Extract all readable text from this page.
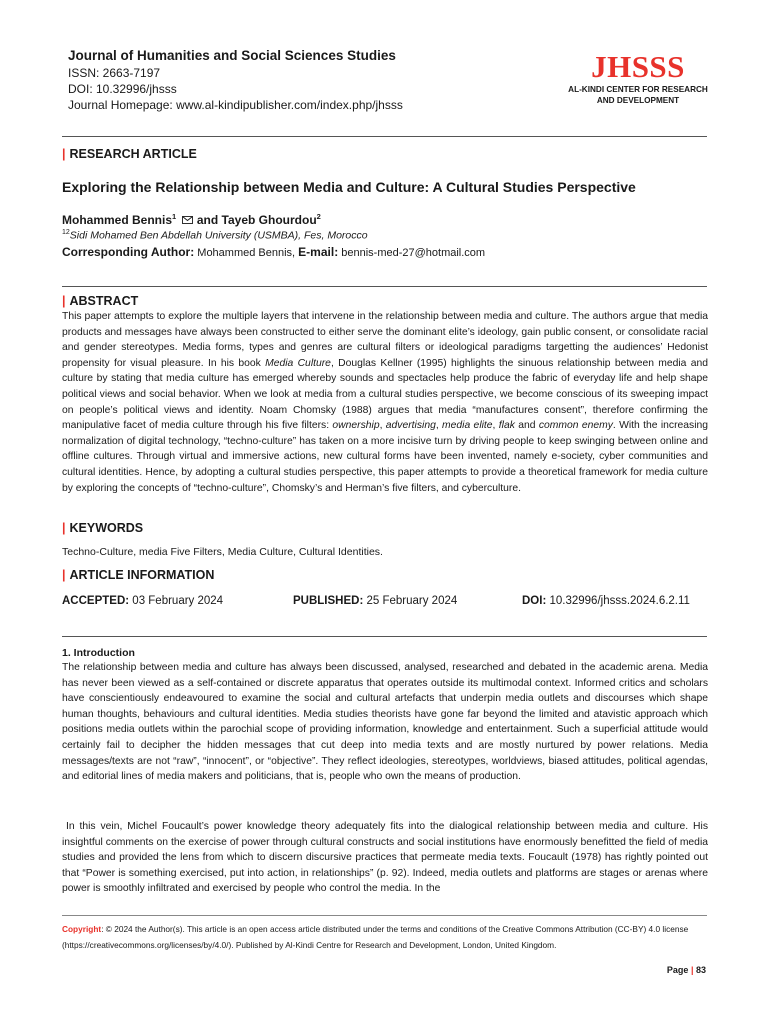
Journal of Humanities and Social Sciences Studies
ISSN: 2663-7197
DOI: 10.32996/jhsss
Journal Homepage: www.al-kindipublisher.com/index.php/jhsss
JHSSS
AL-KINDI CENTER FOR RESEARCH
AND DEVELOPMENT
| RESEARCH ARTICLE
Exploring the Relationship between Media and Culture: A Cultural Studies Perspective
Mohammed Bennis$^1$ and Tayeb Ghourdou$^2$
$^{12}$Sidi Mohamed Ben Abdellah University (USMBA), Fes, Morocco
Corresponding Author: Mohammed Bennis, E-mail: bennis-med-27@hotmail.com
| ABSTRACT
This paper attempts to explore the multiple layers that intervene in the relationship between media and culture. The authors argue that media products and messages have always been constructed to either serve the dominant elite’s ideology, gain public consent, or consolidate racial and gender stereotypes. Media forms, types and genres are cultural filters or ideological paradigms targetting the audiences’ Hedonist propensity for visual pleasure. In his book Media Culture, Douglas Kellner (1995) highlights the sinuous relationship between media and culture by stating that media culture has emerged whereby sounds and spectacles help produce the fabric of everyday life and help shape political views and social behavior. When we look at media from a cultural studies perspective, we become conscious of its sweeping impact on people’s political views and identity. Noam Chomsky (1988) argues that media “manufactures consent”, therefore confirming the manipulative facet of media culture through his five filters: ownership, advertising, media elite, flak and common enemy. With the increasing normalization of digital technology, “techno-culture” has taken on a more incisive turn by driving people to keep swinging between online and offline cultures. Through virtual and immersive actions, new cultural forms have been invented, namely e-society, cyber communities and cultural identities. Hence, by adopting a cultural studies perspective, this paper attempts to provide a theoretical framework for media culture by exploring the concepts of “techno-culture”, Chomsky’s and Herman’s five filters, and cyberculture.
| KEYWORDS
Techno-Culture, media Five Filters, Media Culture, Cultural Identities.
| ARTICLE INFORMATION
ACCEPTED: 03 February 2024	PUBLISHED: 25 February 2024	DOI: 10.32996/jhsss.2024.6.2.11
1. Introduction
The relationship between media and culture has always been discussed, analysed, researched and debated in the academic arena. Media has never been viewed as a self-contained or discrete apparatus that operates outside its multimodal context. Informed critics and scholars have conscientiously endeavoured to examine the social and cultural artefacts that underpin media outlets and discourses which shape human thoughts, behaviours and cultural identities. Media studies theorists have gone far beyond the limited and atavistic approach which positions media outlets within the parochial scope of providing information, knowledge and entertainment. Such a superficial attitude would certainly fail to decipher the hidden messages that cut deep into media texts and are mostly nurtured by power relations. Media messages/texts are not “raw”, “innocent”, or “objective”. They reflect ideologies, stereotypes, worldviews, biased attitudes, political agendas, and editorial lines of media makers and politicians, that is, people who own the means of production.
In this vein, Michel Foucault’s power knowledge theory adequately fits into the dialogical relationship between media and culture. His insightful comments on the exercise of power through cultural constructs and social institutions have enormously benefitted the field of media studies and provided the lens from which to discern discursive practices that permeate media texts. Foucault (1978) has rightly pointed out that “Power is something exercised, put into action, in relationships” (p. 92). Indeed, media outlets and platforms are stages or arenas where power is smoothly infiltrated and exercised by people who control the media. In the
Copyright: © 2024 the Author(s). This article is an open access article distributed under the terms and conditions of the Creative Commons Attribution (CC-BY) 4.0 license (https://creativecommons.org/licenses/by/4.0/). Published by Al-Kindi Centre for Research and Development, London, United Kingdom.
Page | 83
